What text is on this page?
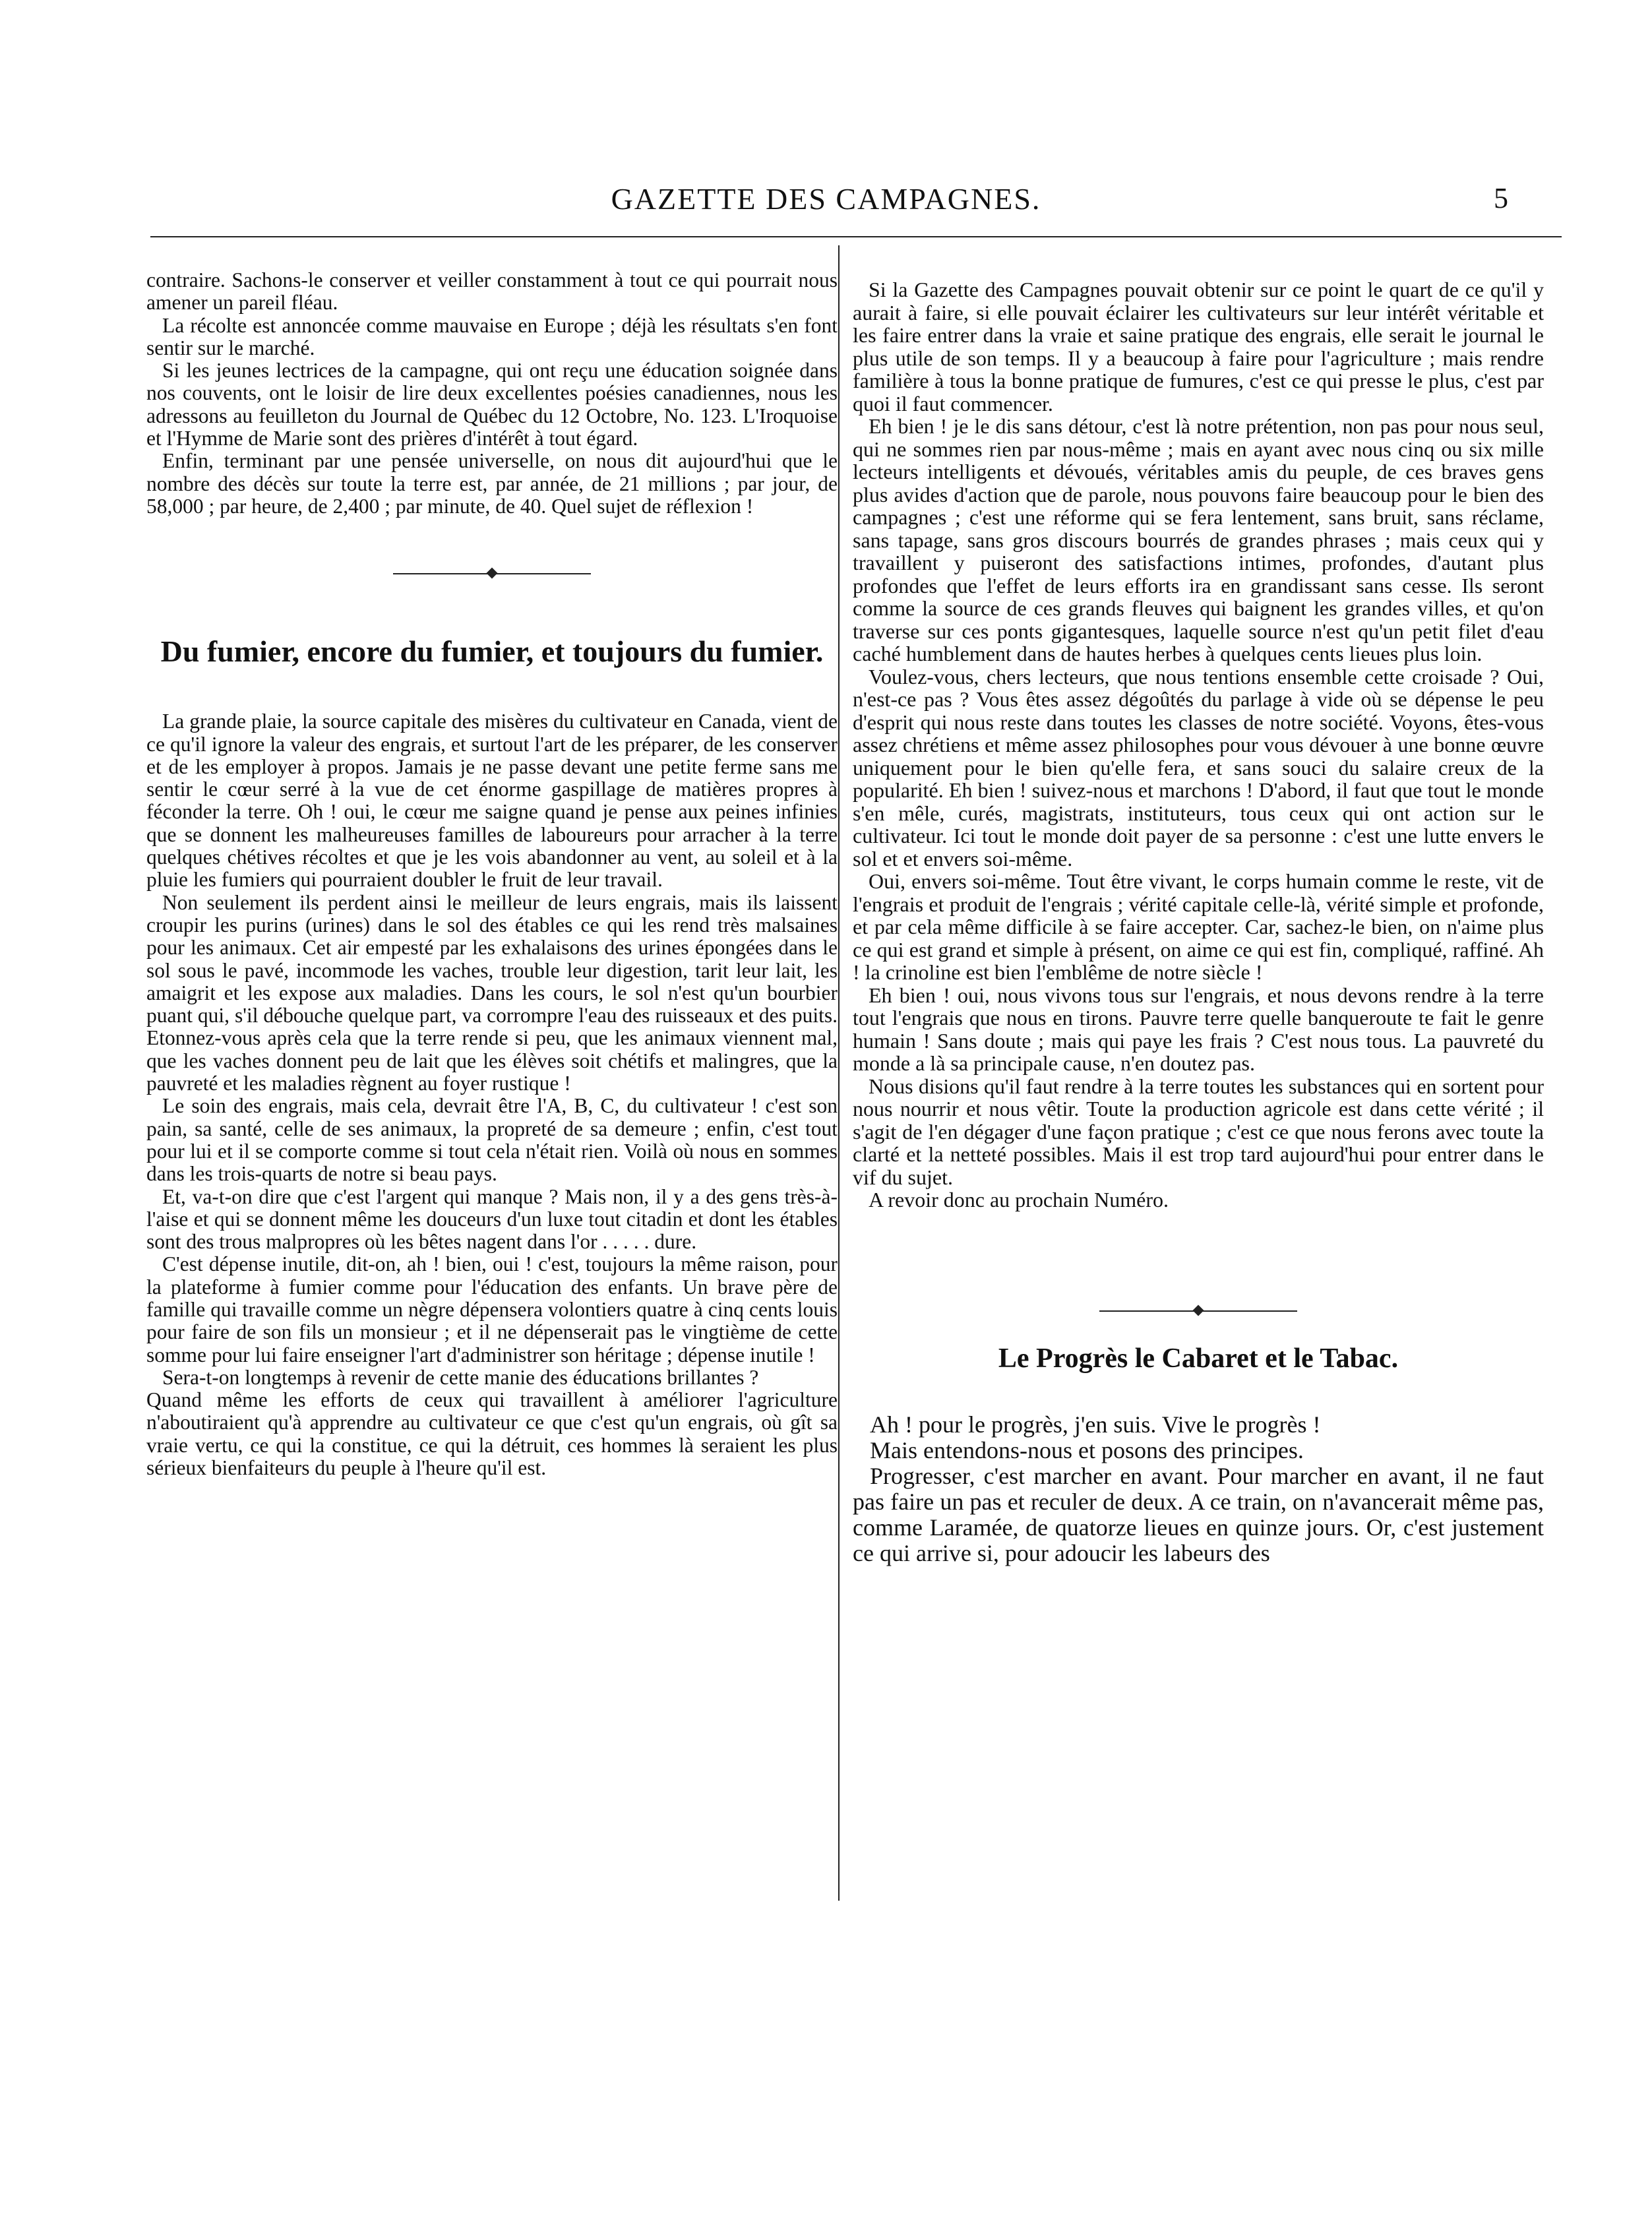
GAZETTE DES CAMPAGNES.	5

contraire. Sachons-le conserver et veiller constamment à tout ce qui pourrait nous amener un pareil fléau.

La récolte est annoncée comme mauvaise en Europe ; déjà les résultats s'en font sentir sur le marché.

Si les jeunes lectrices de la campagne, qui ont reçu une éducation soignée dans nos couvents, ont le loisir de lire deux excellentes poésies canadiennes, nous les adressons au feuilleton du Journal de Québec du 12 Octobre, No. 123. L'Iroquoise et l'Hymme de Marie sont des prières d'intérêt à tout égard.

Enfin, terminant par une pensée universelle, on nous dit aujourd'hui que le nombre des décès sur toute la terre est, par année, de 21 millions ; par jour, de 58,000 ; par heure, de 2,400 ; par minute, de 40. Quel sujet de réflexion !

Du fumier, encore du fumier, et toujours du fumier.

La grande plaie, la source capitale des misères du cultivateur en Canada, vient de ce qu'il ignore la valeur des engrais, et surtout l'art de les préparer, de les conserver et de les employer à propos. Jamais je ne passe devant une petite ferme sans me sentir le cœur serré à la vue de cet énorme gaspillage de matières propres à féconder la terre. Oh ! oui, le cœur me saigne quand je pense aux peines infinies que se donnent les malheureuses familles de laboureurs pour arracher à la terre quelques chétives récoltes et que je les vois abandonner au vent, au soleil et à la pluie les fumiers qui pourraient doubler le fruit de leur travail.

Non seulement ils perdent ainsi le meilleur de leurs engrais, mais ils laissent croupir les purins (urines) dans le sol des étables ce qui les rend très malsaines pour les animaux. Cet air empesté par les exhalaisons des urines épongées dans le sol sous le pavé, incommode les vaches, trouble leur digestion, tarit leur lait, les amaigrit et les expose aux maladies. Dans les cours, le sol n'est qu'un bourbier puant qui, s'il débouche quelque part, va corrompre l'eau des ruisseaux et des puits. Etonnez-vous après cela que la terre rende si peu, que les animaux viennent mal, que les vaches donnent peu de lait que les élèves soit chétifs et malingres, que la pauvreté et les maladies règnent au foyer rustique !

Le soin des engrais, mais cela, devrait être l'A, B, C, du cultivateur ! c'est son pain, sa santé, celle de ses animaux, la propreté de sa demeure ; enfin, c'est tout pour lui et il se comporte comme si tout cela n'était rien. Voilà où nous en sommes dans les trois-quarts de notre si beau pays.

Et, va-t-on dire que c'est l'argent qui manque ? Mais non, il y a des gens très-à-l'aise et qui se donnent même les douceurs d'un luxe tout citadin et dont les étables sont des trous malpropres où les bêtes nagent dans l'or . . . . . dure.

C'est dépense inutile, dit-on, ah ! bien, oui ! c'est, toujours la même raison, pour la plateforme à fumier comme pour l'éducation des enfants. Un brave père de famille qui travaille comme un nègre dépensera volontiers quatre à cinq cents louis pour faire de son fils un monsieur ; et il ne dépenserait pas le vingtième de cette somme pour lui faire enseigner l'art d'administrer son héritage ; dépense inutile !

Sera-t-on longtemps à revenir de cette manie des éducations brillantes ?

Quand même les efforts de ceux qui travaillent à améliorer l'agriculture n'aboutiraient qu'à apprendre au cultivateur ce que c'est qu'un engrais, où gît sa vraie vertu, ce qui la constitue, ce qui la détruit, ces hommes là seraient les plus sérieux bienfaiteurs du peuple à l'heure qu'il est.

Si la Gazette des Campagnes pouvait obtenir sur ce point le quart de ce qu'il y aurait à faire, si elle pouvait éclairer les cultivateurs sur leur intérêt véritable et les faire entrer dans la vraie et saine pratique des engrais, elle serait le journal le plus utile de son temps. Il y a beaucoup à faire pour l'agriculture ; mais rendre familière à tous la bonne pratique de fumures, c'est ce qui presse le plus, c'est par quoi il faut commencer.

Eh bien ! je le dis sans détour, c'est là notre prétention, non pas pour nous seul, qui ne sommes rien par nous-même ; mais en ayant avec nous cinq ou six mille lecteurs intelligents et dévoués, véritables amis du peuple, de ces braves gens plus avides d'action que de parole, nous pouvons faire beaucoup pour le bien des campagnes ; c'est une réforme qui se fera lentement, sans bruit, sans réclame, sans tapage, sans gros discours bourrés de grandes phrases ; mais ceux qui y travaillent y puiseront des satisfactions intimes, profondes, d'autant plus profondes que l'effet de leurs efforts ira en grandissant sans cesse. Ils seront comme la source de ces grands fleuves qui baignent les grandes villes, et qu'on traverse sur ces ponts gigantesques, laquelle source n'est qu'un petit filet d'eau caché humblement dans de hautes herbes à quelques cents lieues plus loin.

Voulez-vous, chers lecteurs, que nous tentions ensemble cette croisade ? Oui, n'est-ce pas ? Vous êtes assez dégoûtés du parlage à vide où se dépense le peu d'esprit qui nous reste dans toutes les classes de notre société. Voyons, êtes-vous assez chrétiens et même assez philosophes pour vous dévouer à une bonne œuvre uniquement pour le bien qu'elle fera, et sans souci du salaire creux de la popularité. Eh bien ! suivez-nous et marchons ! D'abord, il faut que tout le monde s'en mêle, curés, magistrats, instituteurs, tous ceux qui ont action sur le cultivateur. Ici tout le monde doit payer de sa personne : c'est une lutte envers le sol et et envers soi-même.

Oui, envers soi-même. Tout être vivant, le corps humain comme le reste, vit de l'engrais et produit de l'engrais ; vérité capitale celle-là, vérité simple et profonde, et par cela même difficile à se faire accepter. Car, sachez-le bien, on n'aime plus ce qui est grand et simple à présent, on aime ce qui est fin, compliqué, raffiné. Ah ! la crinoline est bien l'emblême de notre siècle !

Eh bien ! oui, nous vivons tous sur l'engrais, et nous devons rendre à la terre tout l'engrais que nous en tirons. Pauvre terre quelle banqueroute te fait le genre humain ! Sans doute ; mais qui paye les frais ? C'est nous tous. La pauvreté du monde a là sa principale cause, n'en doutez pas.

Nous disions qu'il faut rendre à la terre toutes les substances qui en sortent pour nous nourrir et nous vêtir. Toute la production agricole est dans cette vérité ; il s'agit de l'en dégager d'une façon pratique ; c'est ce que nous ferons avec toute la clarté et la netteté possibles. Mais il est trop tard aujourd'hui pour entrer dans le vif du sujet.

A revoir donc au prochain Numéro.

Le Progrès le Cabaret et le Tabac.

Ah ! pour le progrès, j'en suis. Vive le progrès !

Mais entendons-nous et posons des principes.

Progresser, c'est marcher en avant. Pour marcher en avant, il ne faut pas faire un pas et reculer de deux. A ce train, on n'avancerait même pas, comme Laramée, de quatorze lieues en quinze jours. Or, c'est justement ce qui arrive si, pour adoucir les labeurs des
